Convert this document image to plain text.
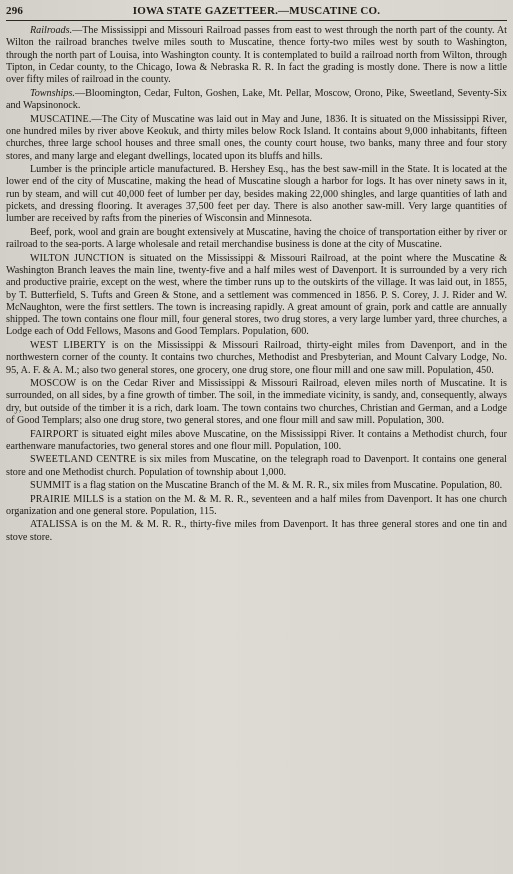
296	IOWA STATE GAZETTEER.—MUSCATINE CO.

Railroads.—The Mississippi and Missouri Railroad passes from east to west through the north part of the county. At Wilton the railroad branches twelve miles south to Muscatine, thence forty-two miles west by south to Washington, through the north part of Louisa, into Washington county. It is contemplated to build a railroad north from Wilton, through Tipton, in Cedar county, to the Chicago, Iowa & Nebraska R. R. In fact the grading is mostly done. There is now a little over fifty miles of railroad in the county.

Townships.—Bloomington, Cedar, Fulton, Goshen, Lake, Mt. Pellar, Moscow, Orono, Pike, Sweetland, Seventy-Six and Wapsinonock.

MUSCATINE.—The City of Muscatine was laid out in May and June, 1836. It is situated on the Mississippi River, one hundred miles by river above Keokuk, and thirty miles below Rock Island. It contains about 9,000 inhabitants, fifteen churches, three large school houses and three small ones, the county court house, two banks, many three and four story stores, and many large and elegant dwellings, located upon its bluffs and hills.

Lumber is the principle article manufactured. B. Hershey Esq., has the best saw-mill in the State. It is located at the lower end of the city of Muscatine, making the head of Muscatine slough a harbor for logs. It has over ninety saws in it, run by steam, and will cut 40,000 feet of lumber per day, besides making 22,000 shingles, and large quantities of lath and pickets, and dressing flooring. It averages 37,500 feet per day. There is also another saw-mill. Very large quantities of lumber are received by rafts from the pineries of Wisconsin and Minnesota.

Beef, pork, wool and grain are bought extensively at Muscatine, having the choice of transportation either by river or railroad to the sea-ports. A large wholesale and retail merchandise business is done at the city of Muscatine.

WILTON JUNCTION is situated on the Mississippi & Missouri Railroad, at the point where the Muscatine & Washington Branch leaves the main line, twenty-five and a half miles west of Davenport. It is surrounded by a very rich and productive prairie, except on the west, where the timber runs up to the outskirts of the village. It was laid out, in 1855, by T. Butterfield, S. Tufts and Green & Stone, and a settlement was commenced in 1856. P. S. Corey, J. J. Rider and W. McNaughton, were the first settlers. The town is increasing rapidly. A great amount of grain, pork and cattle are annually shipped. The town contains one flour mill, four general stores, two drug stores, a very large lumber yard, three churches, a Lodge each of Odd Fellows, Masons and Good Templars. Population, 600.

WEST LIBERTY is on the Mississippi & Missouri Railroad, thirty-eight miles from Davenport, and in the northwestern corner of the county. It contains two churches, Methodist and Presbyterian, and Mount Calvary Lodge, No. 95, A. F. & A. M.; also two general stores, one grocery, one drug store, one flour mill and one saw mill. Population, 450.

MOSCOW is on the Cedar River and Mississippi & Missouri Railroad, eleven miles north of Muscatine. It is surrounded, on all sides, by a fine growth of timber. The soil, in the immediate vicinity, is sandy, and, consequently, always dry, but outside of the timber it is a rich, dark loam. The town contains two churches, Christian and German, and a Lodge of Good Templars; also one drug store, two general stores, and one flour mill and saw mill. Population, 300.

FAIRPORT is situated eight miles above Muscatine, on the Mississippi River. It contains a Methodist church, four earthenware manufactories, two general stores and one flour mill. Population, 100.

SWEETLAND CENTRE is six miles from Muscatine, on the telegraph road to Davenport. It contains one general store and one Methodist church. Population of township about 1,000.

SUMMIT is a flag station on the Muscatine Branch of the M. & M. R. R., six miles from Muscatine. Population, 80.

PRAIRIE MILLS is a station on the M. & M. R. R., seventeen and a half miles from Davenport. It has one church organization and one general store. Population, 115.

ATALISSA is on the M. & M. R. R., thirty-five miles from Davenport. It has three general stores and one tin and stove store.
